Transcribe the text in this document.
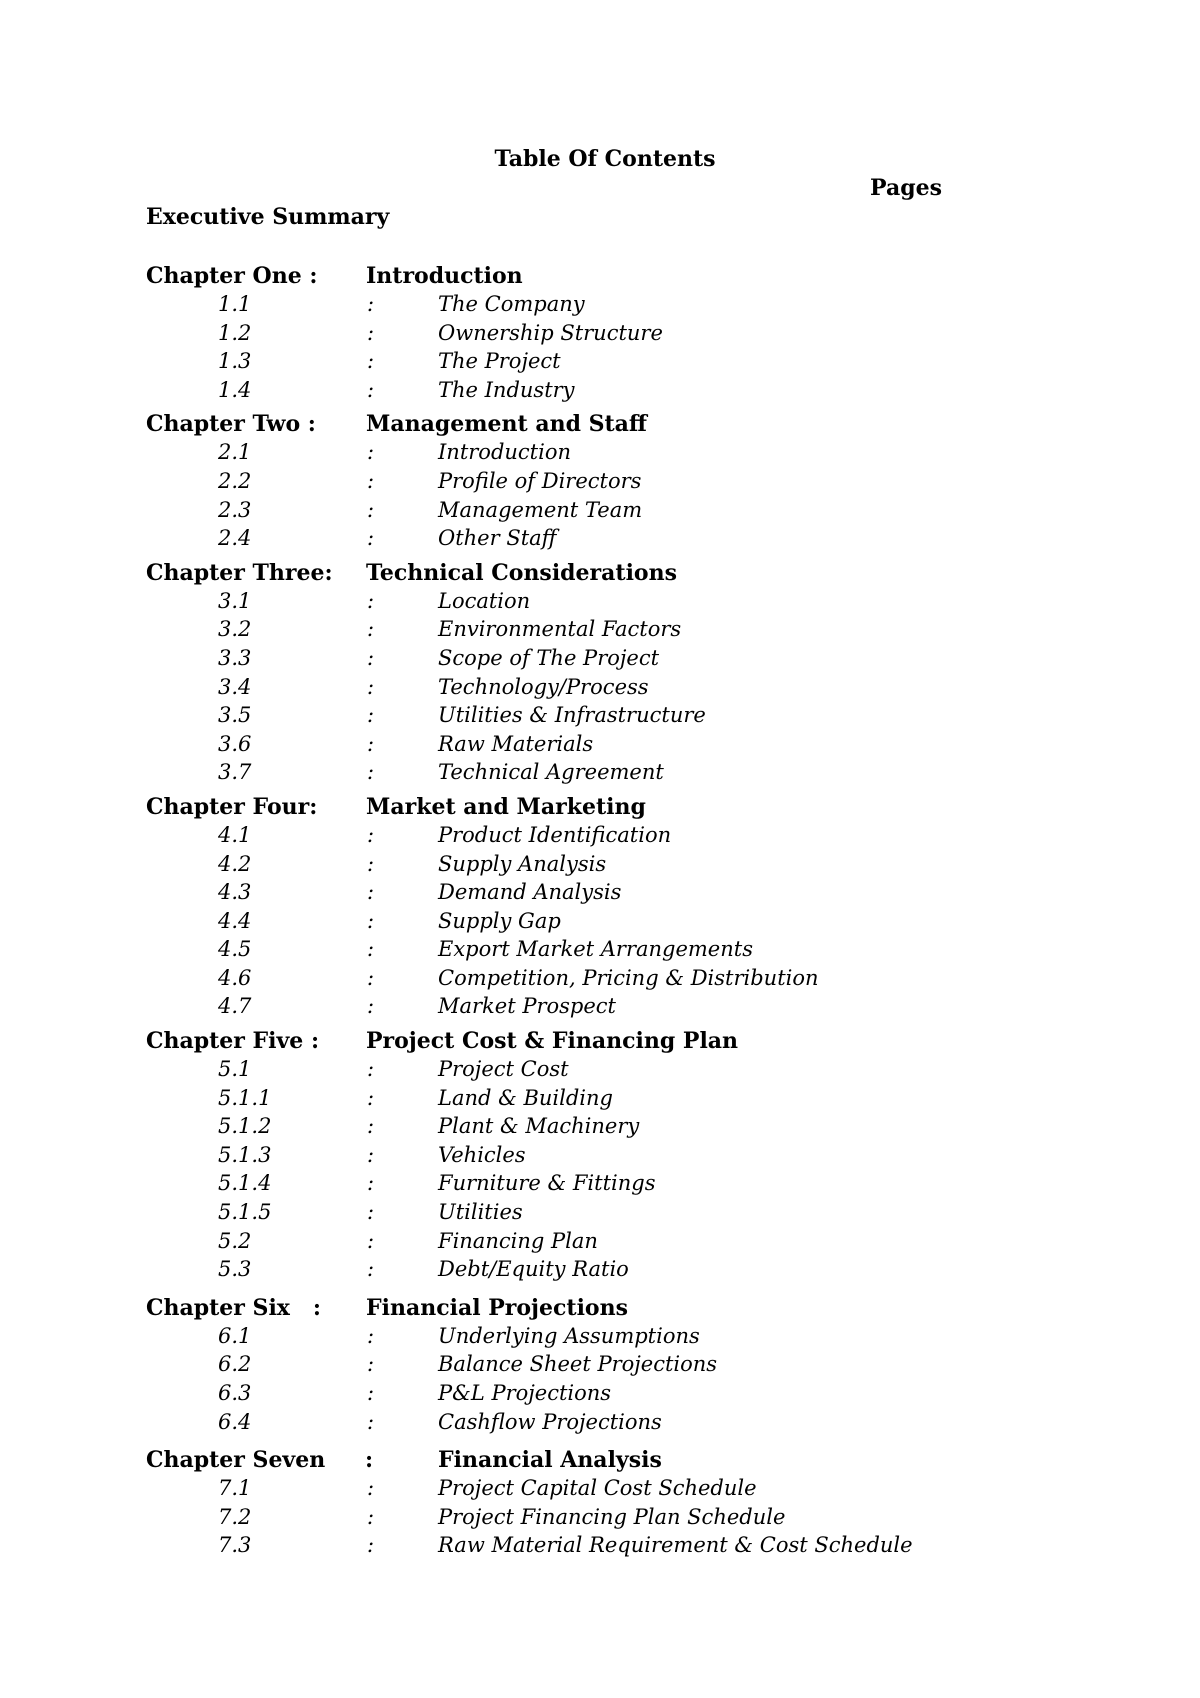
Table Of Contents
Pages
Executive Summary
Chapter One : Introduction
1.1	:	The Company
1.2	:	Ownership Structure
1.3	:	The Project
1.4	:	The Industry
Chapter Two : Management and Staff
2.1	:	Introduction
2.2	:	Profile of Directors
2.3	:	Management Team
2.4	:	Other Staff
Chapter Three: Technical Considerations
3.1	:	Location
3.2	:	Environmental Factors
3.3	:	Scope of The Project
3.4	:	Technology/Process
3.5	:	Utilities & Infrastructure
3.6	:	Raw Materials
3.7	:	Technical Agreement
Chapter Four: Market and Marketing
4.1	:	Product Identification
4.2	:	Supply Analysis
4.3	:	Demand Analysis
4.4	:	Supply Gap
4.5	:	Export Market Arrangements
4.6	:	Competition, Pricing & Distribution
4.7	:	Market Prospect
Chapter Five : Project Cost & Financing Plan
5.1	:	Project Cost
5.1.1	:	Land & Building
5.1.2	:	Plant & Machinery
5.1.3	:	Vehicles
5.1.4	:	Furniture & Fittings
5.1.5	:	Utilities
5.2	:	Financing Plan
5.3	:	Debt/Equity Ratio
Chapter Six   : Financial Projections
6.1	:	Underlying Assumptions
6.2	:	Balance Sheet Projections
6.3	:	P&L Projections
6.4	:	Cashflow Projections
Chapter Seven :	Financial Analysis
7.1	:	Project Capital Cost Schedule
7.2	:	Project Financing Plan Schedule
7.3	:	Raw Material Requirement & Cost Schedule
